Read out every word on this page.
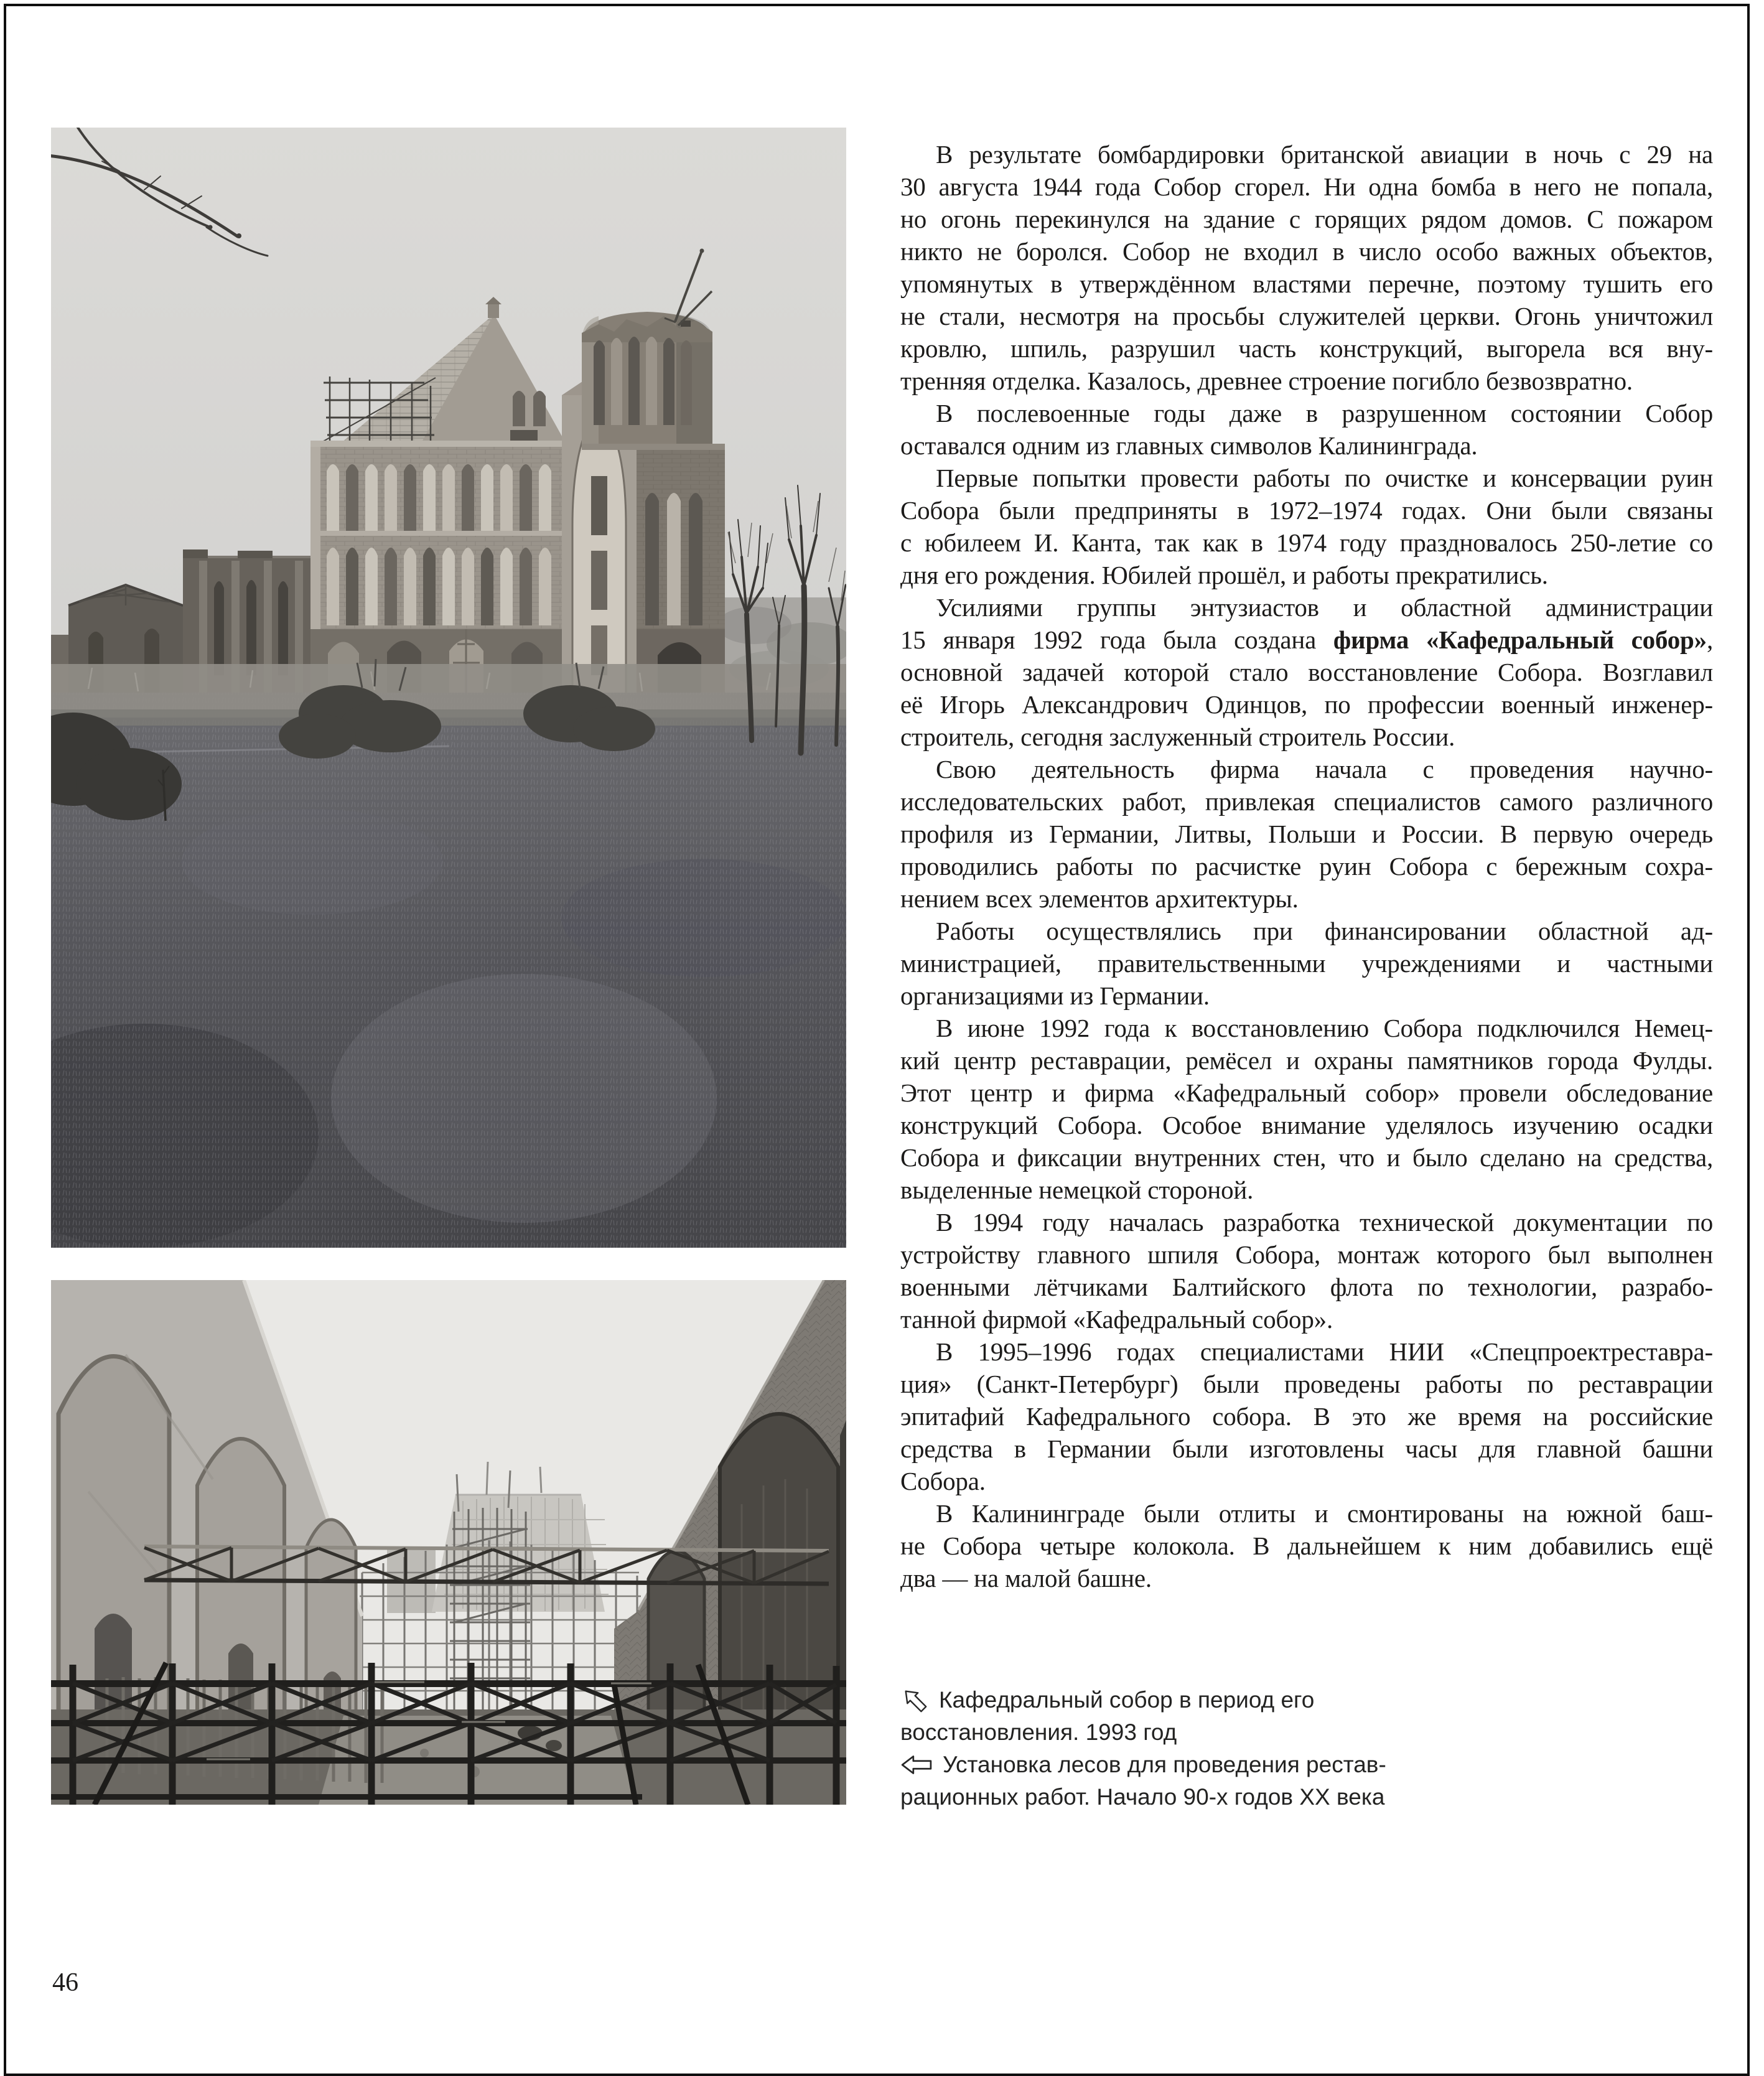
В результате бомбардировки британской авиации в ночь с 29 на
30 августа 1944 года Собор сгорел. Ни одна бомба в него не попала,
но огонь перекинулся на здание с горящих рядом домов. С пожаром
никто не боролся. Собор не входил в число особо важных объектов,
упомянутых в утверждённом властями перечне, поэтому тушить его
не стали, несмотря на просьбы служителей церкви. Огонь уничтожил
кровлю, шпиль, разрушил часть конструкций, выгорела вся вну-
тренняя отделка. Казалось, древнее строение погибло безвозвратно.
В послевоенные годы даже в разрушенном состоянии Собор
оставался одним из главных символов Калининграда.
Первые попытки провести работы по очистке и консервации руин
Собора были предприняты в 1972–1974 годах. Они были связаны
с юбилеем И. Канта, так как в 1974 году праздновалось 250-летие со
дня его рождения. Юбилей прошёл, и работы прекратились.
Усилиями группы энтузиастов и областной администрации
15 января 1992 года была создана фирма «Кафедральный собор»,
основной задачей которой стало восстановление Собора. Возглавил
её Игорь Александрович Одинцов, по профессии военный инженер-
строитель, сегодня заслуженный строитель России.
Свою деятельность фирма начала с проведения научно-
исследовательских работ, привлекая специалистов самого различного
профиля из Германии, Литвы, Польши и России. В первую очередь
проводились работы по расчистке руин Собора с бережным сохра-
нением всех элементов архитектуры.
Работы осуществлялись при финансировании областной ад-
министрацией, правительственными учреждениями и частными
организациями из Германии.
В июне 1992 года к восстановлению Собора подключился Немец-
кий центр реставрации, ремёсел и охраны памятников города Фулды.
Этот центр и фирма «Кафедральный собор» провели обследование
конструкций Собора. Особое внимание уделялось изучению осадки
Собора и фиксации внутренних стен, что и было сделано на средства,
выделенные немецкой стороной.
В 1994 году началась разработка технической документации по
устройству главного шпиля Собора, монтаж которого был выполнен
военными лётчиками Балтийского флота по технологии, разрабо-
танной фирмой «Кафедральный собор».
В 1995–1996 годах специалистами НИИ «Спецпроектреставра-
ция» (Санкт-Петербург) были проведены работы по реставрации
эпитафий Кафедрального собора. В это же время на российские
средства в Германии были изготовлены часы для главной башни
Собора.
В Калининграде были отлиты и смонтированы на южной баш-
не Собора четыре колокола. В дальнейшем к ним добавились ещё
два — на малой башне.
Кафедральный собор в период его
восстановления. 1993 год
Установка лесов для проведения рестав-
рационных работ. Начало 90-х годов XX века
46
